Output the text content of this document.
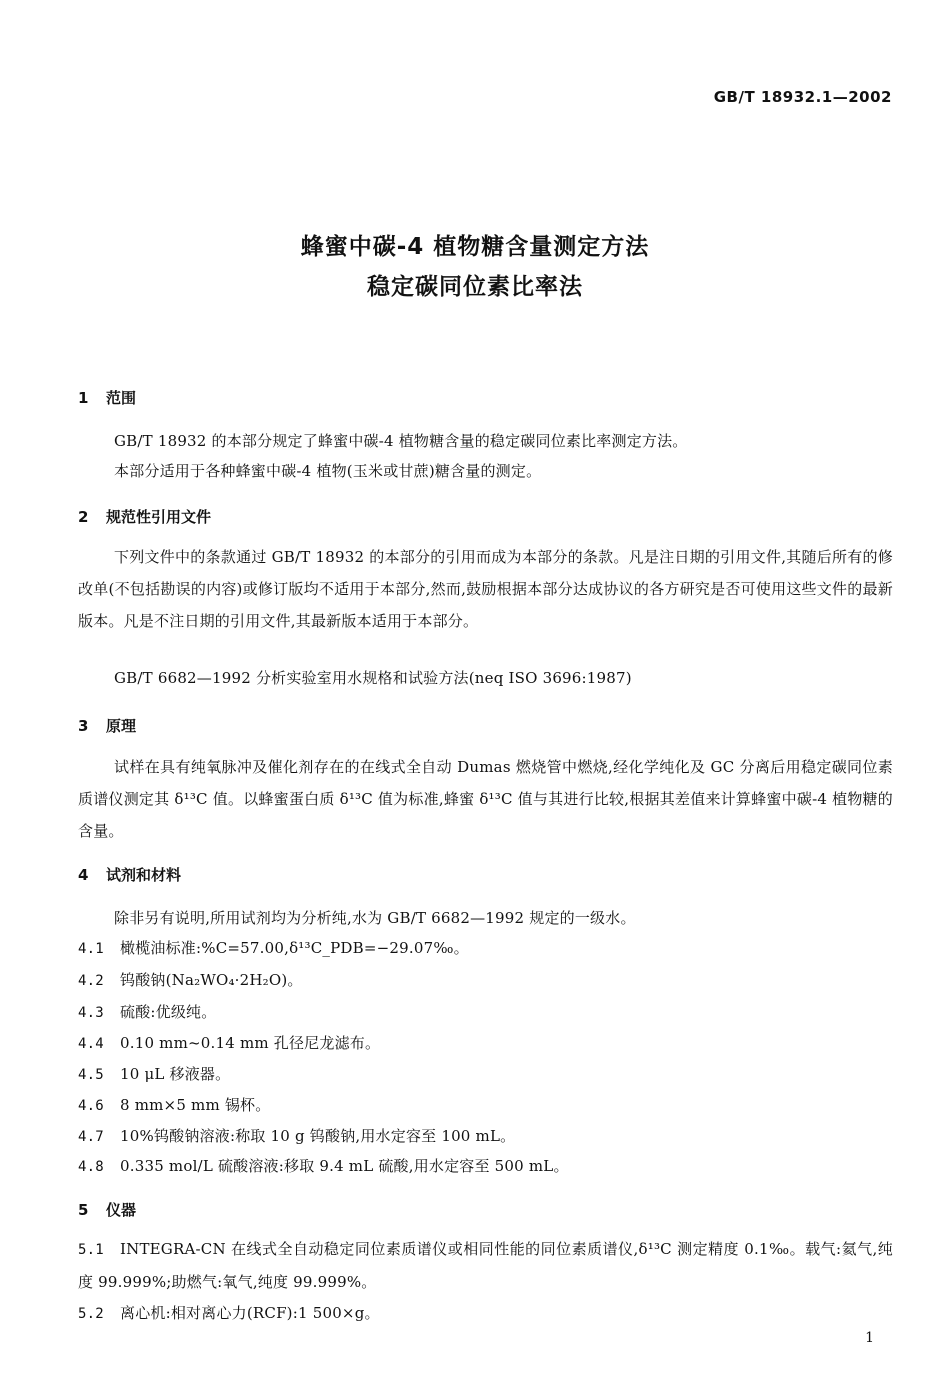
GB/T 18932.1—2002
蜂蜜中碳-4 植物糖含量测定方法
稳定碳同位素比率法
1 范围
GB/T 18932 的本部分规定了蜂蜜中碳-4 植物糖含量的稳定碳同位素比率测定方法。
本部分适用于各种蜂蜜中碳-4 植物(玉米或甘蔗)糖含量的测定。
2 规范性引用文件
下列文件中的条款通过 GB/T 18932 的本部分的引用而成为本部分的条款。凡是注日期的引用文件,其随后所有的修改单(不包括勘误的内容)或修订版均不适用于本部分,然而,鼓励根据本部分达成协议的各方研究是否可使用这些文件的最新版本。凡是不注日期的引用文件,其最新版本适用于本部分。
GB/T 6682—1992 分析实验室用水规格和试验方法(neq ISO 3696:1987)
3 原理
试样在具有纯氧脉冲及催化剂存在的在线式全自动 Dumas 燃烧管中燃烧,经化学纯化及 GC 分离后用稳定碳同位素质谱仪测定其 δ¹³C 值。以蜂蜜蛋白质 δ¹³C 值为标准,蜂蜜 δ¹³C 值与其进行比较,根据其差值来计算蜂蜜中碳-4 植物糖的含量。
4 试剂和材料
除非另有说明,所用试剂均为分析纯,水为 GB/T 6682—1992 规定的一级水。
4.1 橄榄油标准:%C=57.00,δ¹³C_PDB=−29.07‰。
4.2 钨酸钠(Na₂WO₄·2H₂O)。
4.3 硫酸:优级纯。
4.4 0.10 mm~0.14 mm 孔径尼龙滤布。
4.5 10 μL 移液器。
4.6 8 mm×5 mm 锡杯。
4.7 10%钨酸钠溶液:称取 10 g 钨酸钠,用水定容至 100 mL。
4.8 0.335 mol/L 硫酸溶液:移取 9.4 mL 硫酸,用水定容至 500 mL。
5 仪器
5.1 INTEGRA-CN 在线式全自动稳定同位素质谱仪或相同性能的同位素质谱仪,δ¹³C 测定精度 0.1‰。载气:氦气,纯度 99.999%;助燃气:氧气,纯度 99.999%。
5.2 离心机:相对离心力(RCF):1 500×g。
1
